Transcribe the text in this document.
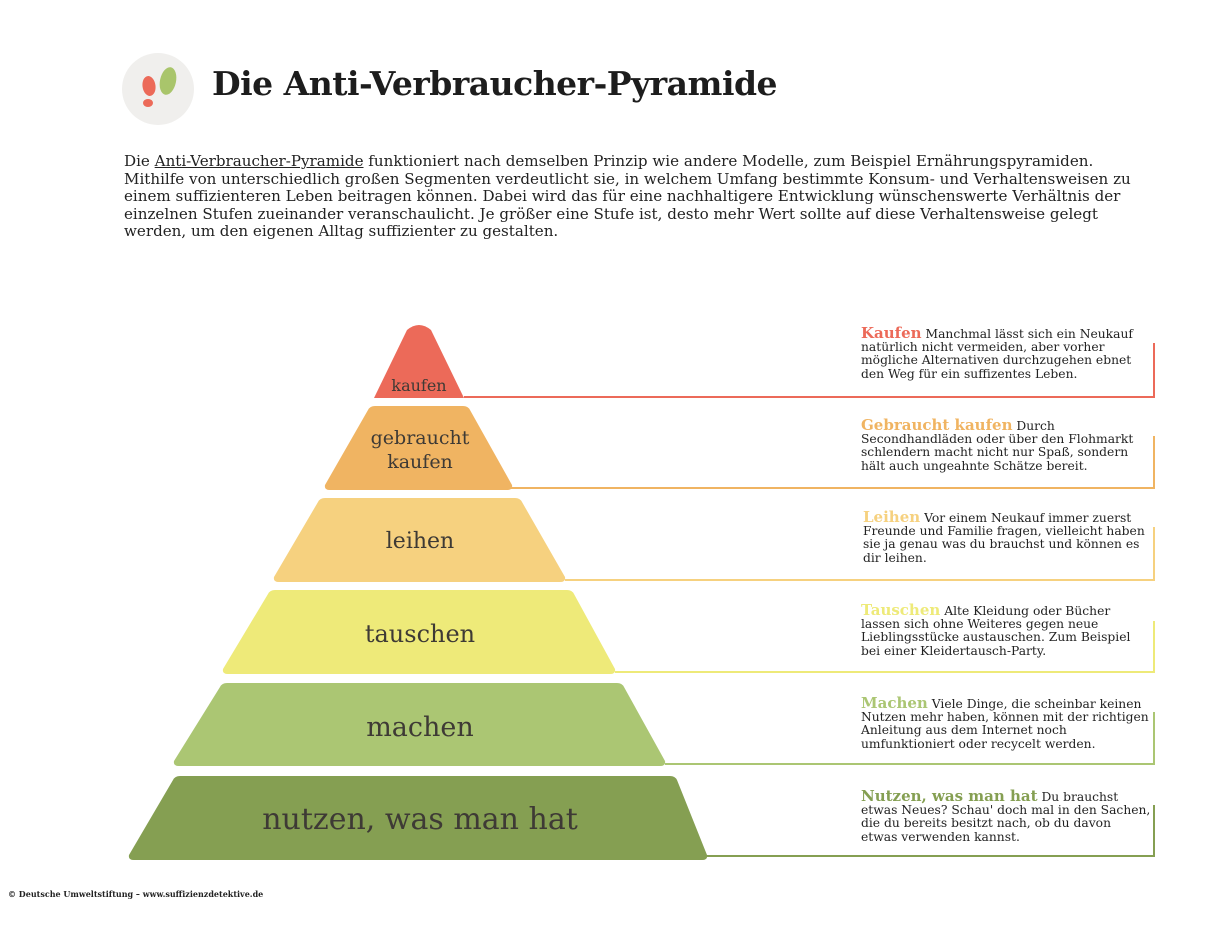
Die Anti-Verbraucher-Pyramide

Die Anti-Verbraucher-Pyramide funktioniert nach demselben Prinzip wie andere Modelle, zum Beispiel Ernährungspyramiden. Mithilfe von unterschiedlich großen Segmenten verdeutlicht sie, in welchem Umfang bestimmte Konsum- und Verhaltensweisen zu einem suffizienteren Leben beitragen können. Dabei wird das für eine nachhaltigere Entwicklung wünschenswerte Verhältnis der einzelnen Stufen zueinander veranschaulicht. Je größer eine Stufe ist, desto mehr Wert sollte auf diese Verhaltensweise gelegt werden, um den eigenen Alltag suffizienter zu gestalten.

kaufen
gebraucht kaufen
leihen
tauschen
machen
nutzen, was man hat
Kaufen Manchmal lässt sich ein Neukauf natürlich nicht vermeiden, aber vorher mögliche Alternativen durchzugehen ebnet den Weg für ein suffizentes Leben.
Gebraucht kaufen Durch Secondhandläden oder über den Flohmarkt schlendern macht nicht nur Spaß, sondern hält auch ungeahnte Schätze bereit.
Leihen Vor einem Neukauf immer zuerst Freunde und Familie fragen, vielleicht haben sie ja genau was du brauchst und können es dir leihen.
Tauschen Alte Kleidung oder Bücher lassen sich ohne Weiteres gegen neue Lieblingsstücke austauschen. Zum Beispiel bei einer Kleidertausch-Party.
Machen Viele Dinge, die scheinbar keinen Nutzen mehr haben, können mit der richtigen Anleitung aus dem Internet noch umfunktioniert oder recycelt werden.
Nutzen, was man hat Du brauchst etwas Neues? Schau' doch mal in den Sachen, die du bereits besitzt nach, ob du davon etwas verwenden kannst.
© Deutsche Umweltstiftung – www.suffizienzdetektive.de
